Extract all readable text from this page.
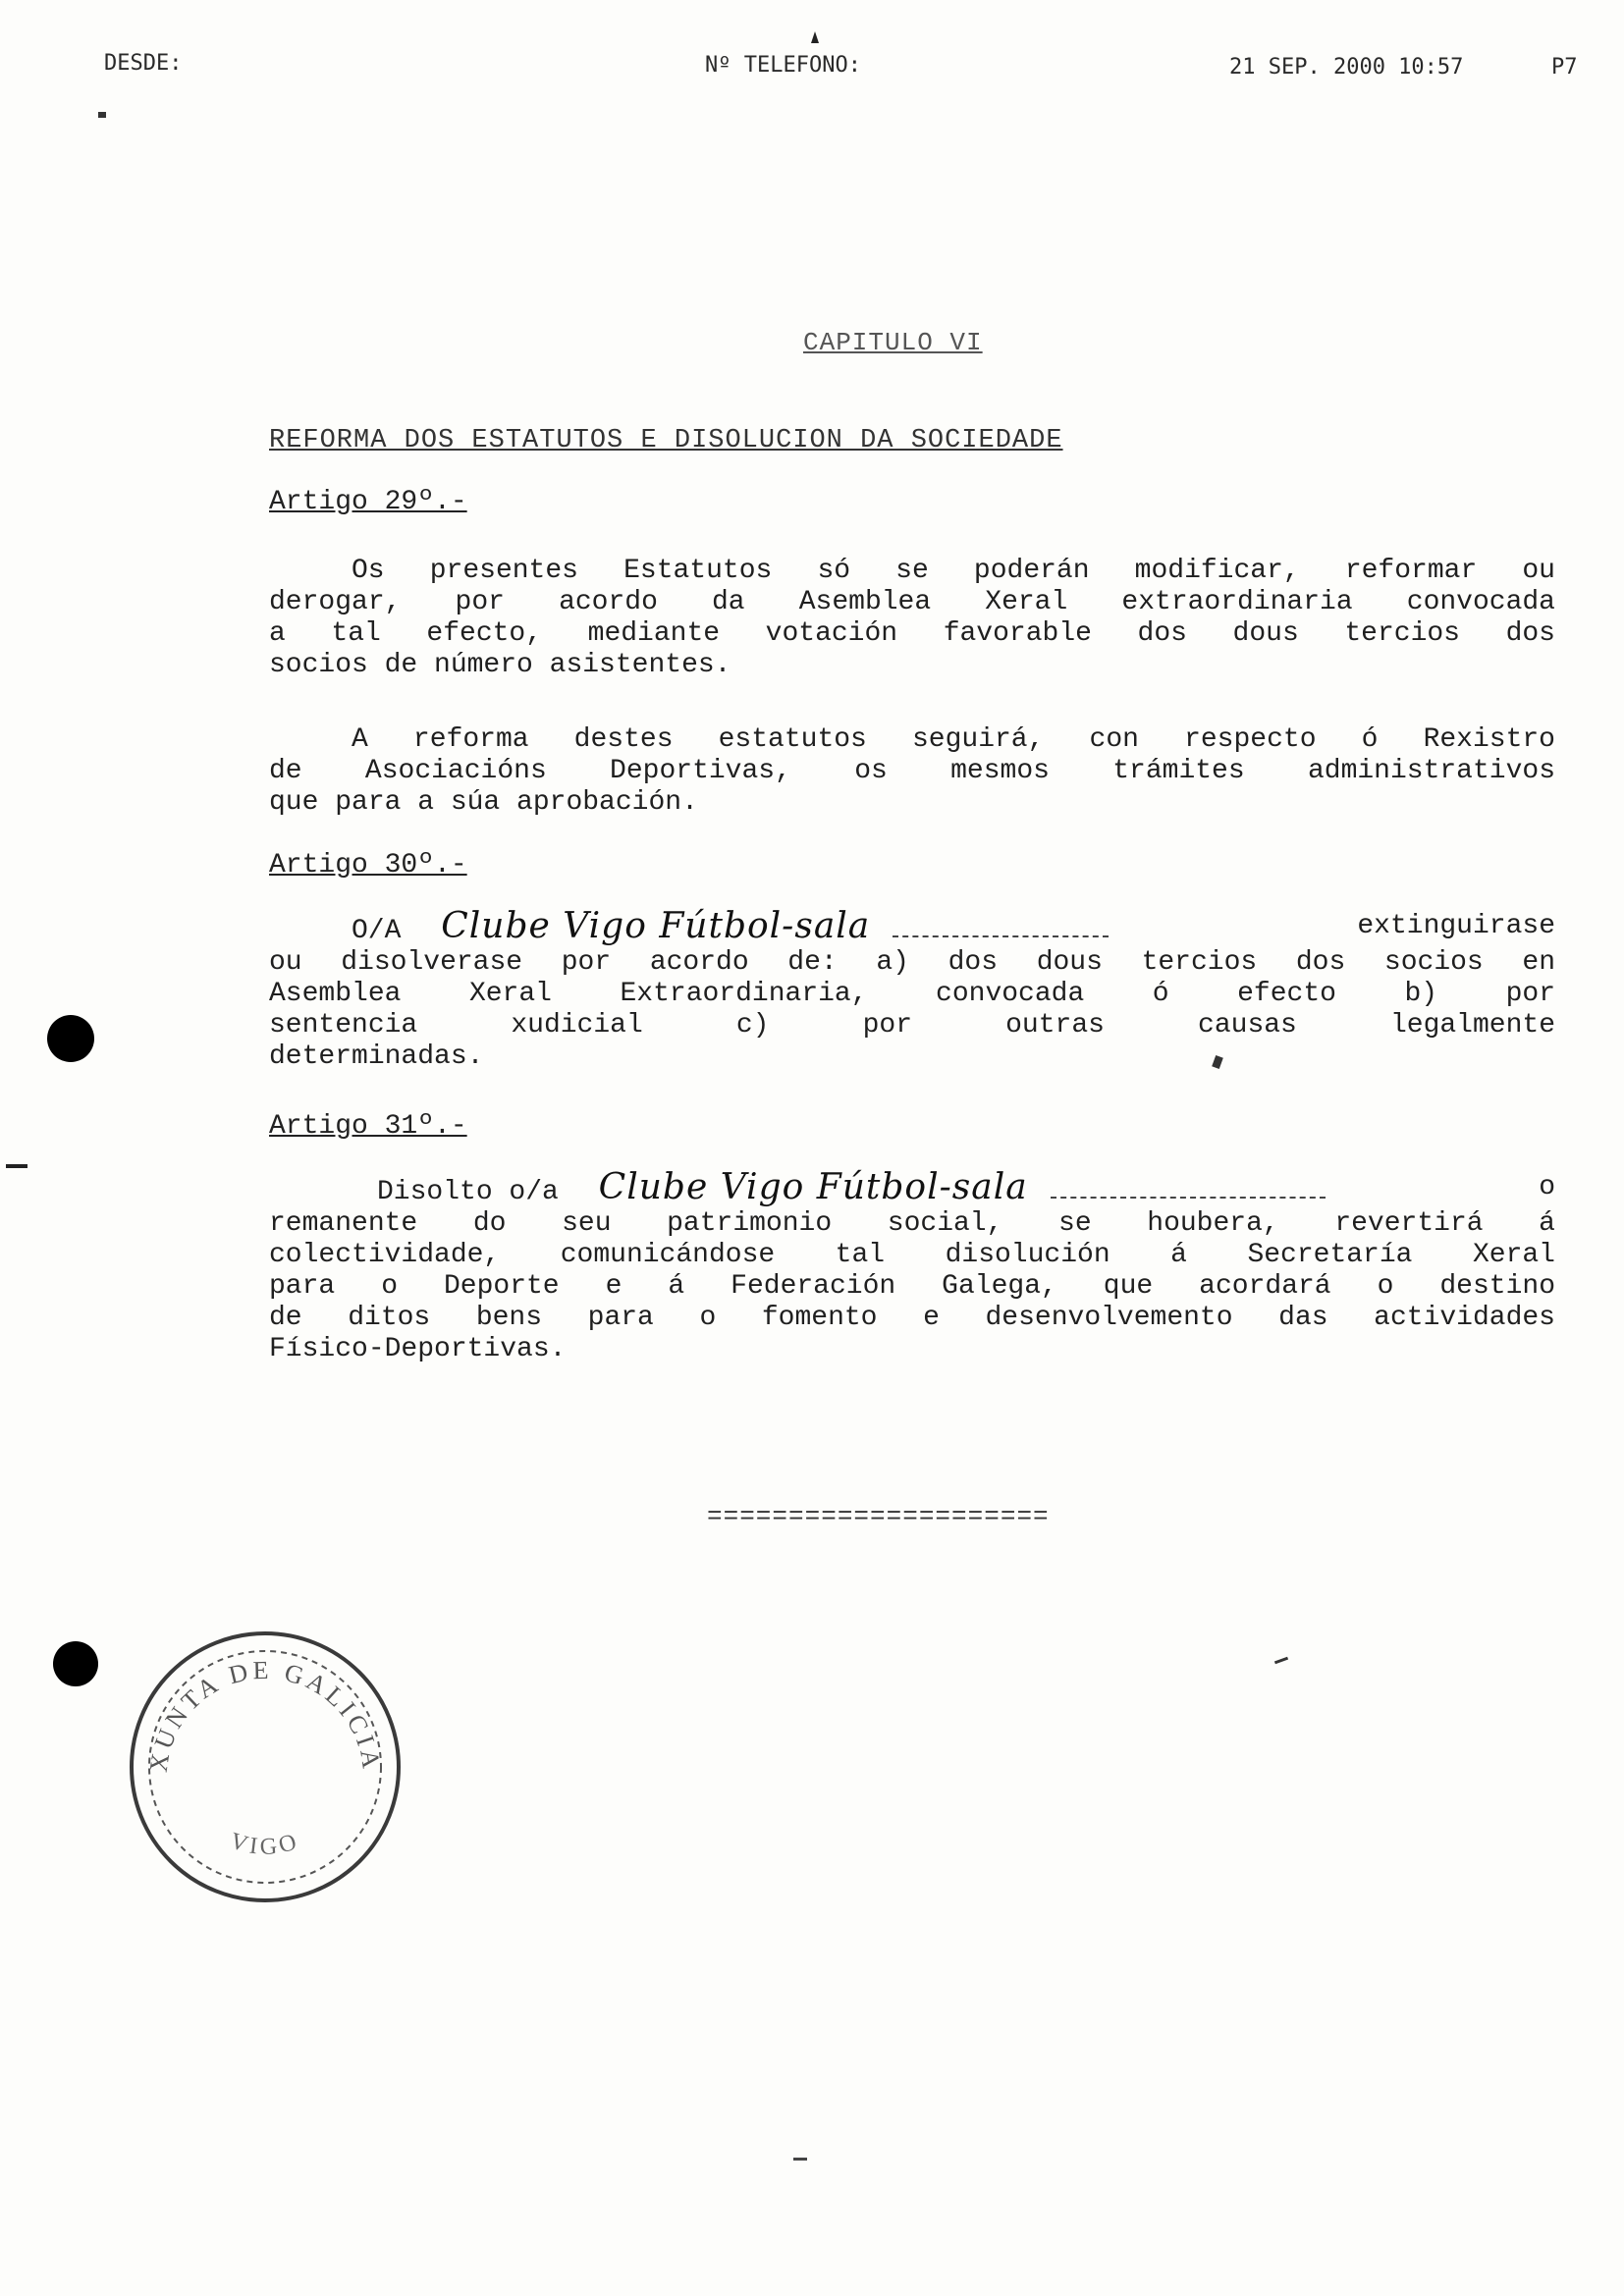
DESDE:	Nº TELEFONO:	21 SEP. 2000 10:57	P7
CAPITULO VI
REFORMA DOS ESTATUTOS E DISOLUCION DA SOCIEDADE
Artigo 29º.-
Os presentes Estatutos só se poderán modificar, reformar ou
derogar, por acordo da Asemblea Xeral extraordinaria convocada
a tal efecto, mediante votación favorable dos dous tercios dos
socios de número asistentes.
A reforma destes estatutos seguirá, con respecto ó Rexistro
de Asociacións Deportivas, os mesmos trámites administrativos
que para a súa aprobación.
Artigo 30º.-
O/A Clube Vigo Fútbol-sala	extinguirase
ou disolverase por acordo de: a) dos dous tercios dos socios en
Asemblea Xeral Extraordinaria, convocada ó efecto b) por
sentencia xudicial c) por outras causas legalmente
determinadas.
Artigo 31º.-
Disolto o/a Clube Vigo Fútbol-sala	o
remanente do seu patrimonio social, se houbera, revertirá á
colectividade, comunicándose tal disolución á Secretaría Xeral
para o Deporte e á Federación Galega, que acordará o destino
de ditos bens para o fomento e desenvolvemento das actividades
Físico-Deportivas.
=====================
XUNTA DE GALICIA
VIGO
